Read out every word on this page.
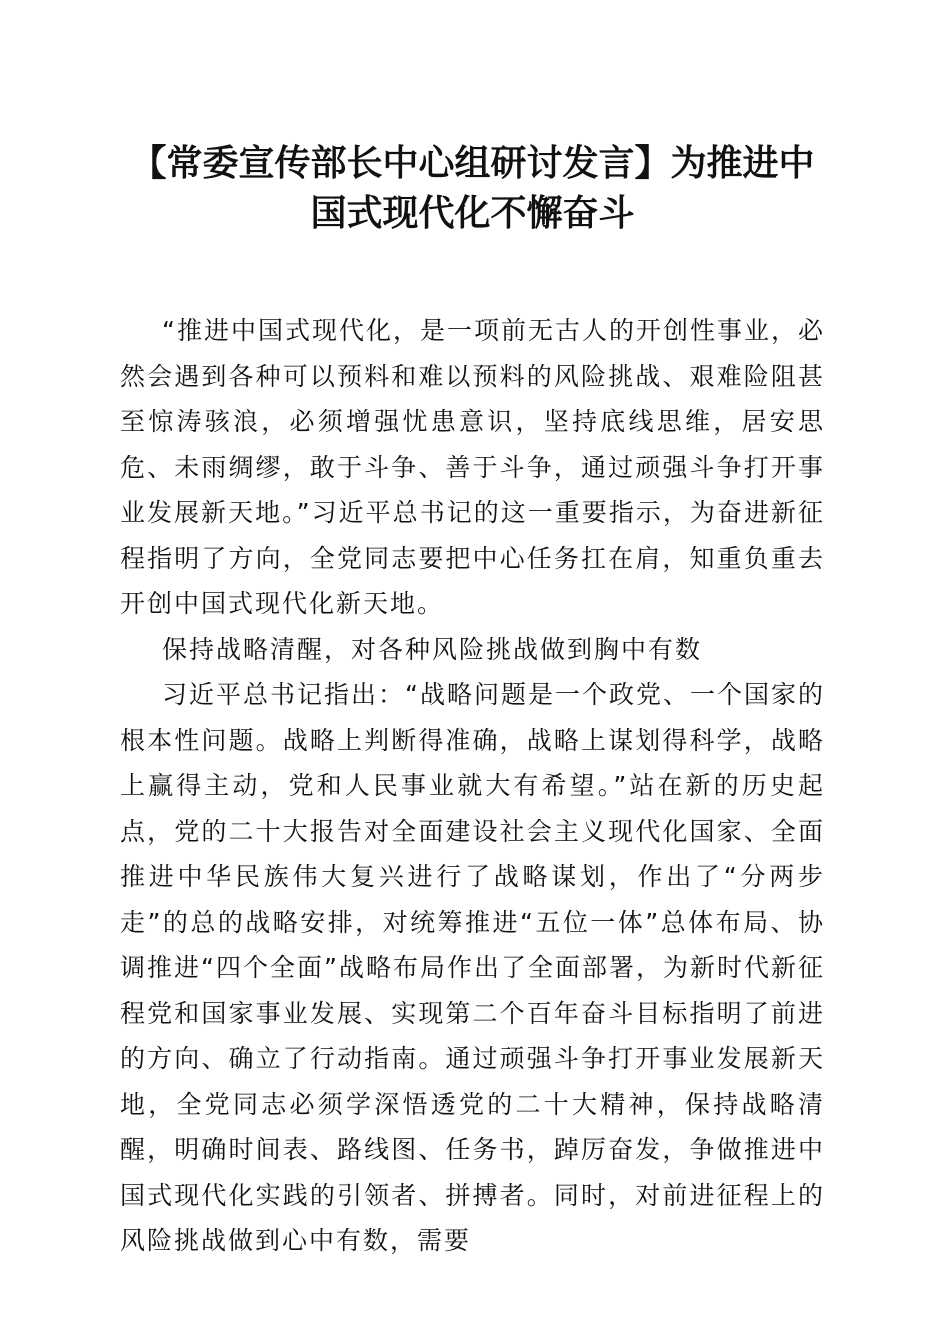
【常委宣传部长中心组研讨发言】为推进中国式现代化不懈奋斗

“推进中国式现代化，是一项前无古人的开创性事业，必然会遇到各种可以预料和难以预料的风险挑战、艰难险阻甚至惊涛骇浪，必须增强忧患意识，坚持底线思维，居安思危、未雨绸缪，敢于斗争、善于斗争，通过顽强斗争打开事业发展新天地。”习近平总书记的这一重要指示，为奋进新征程指明了方向，全党同志要把中心任务扛在肩，知重负重去开创中国式现代化新天地。

保持战略清醒，对各种风险挑战做到胸中有数

习近平总书记指出：“战略问题是一个政党、一个国家的根本性问题。战略上判断得准确，战略上谋划得科学，战略上赢得主动，党和人民事业就大有希望。”站在新的历史起点，党的二十大报告对全面建设社会主义现代化国家、全面推进中华民族伟大复兴进行了战略谋划，作出了“分两步走”的总的战略安排，对统筹推进“五位一体”总体布局、协调推进“四个全面”战略布局作出了全面部署，为新时代新征程党和国家事业发展、实现第二个百年奋斗目标指明了前进的方向、确立了行动指南。通过顽强斗争打开事业发展新天地，全党同志必须学深悟透党的二十大精神，保持战略清醒，明确时间表、路线图、任务书，踔厉奋发，争做推进中国式现代化实践的引领者、拼搏者。同时，对前进征程上的风险挑战做到心中有数，需要
